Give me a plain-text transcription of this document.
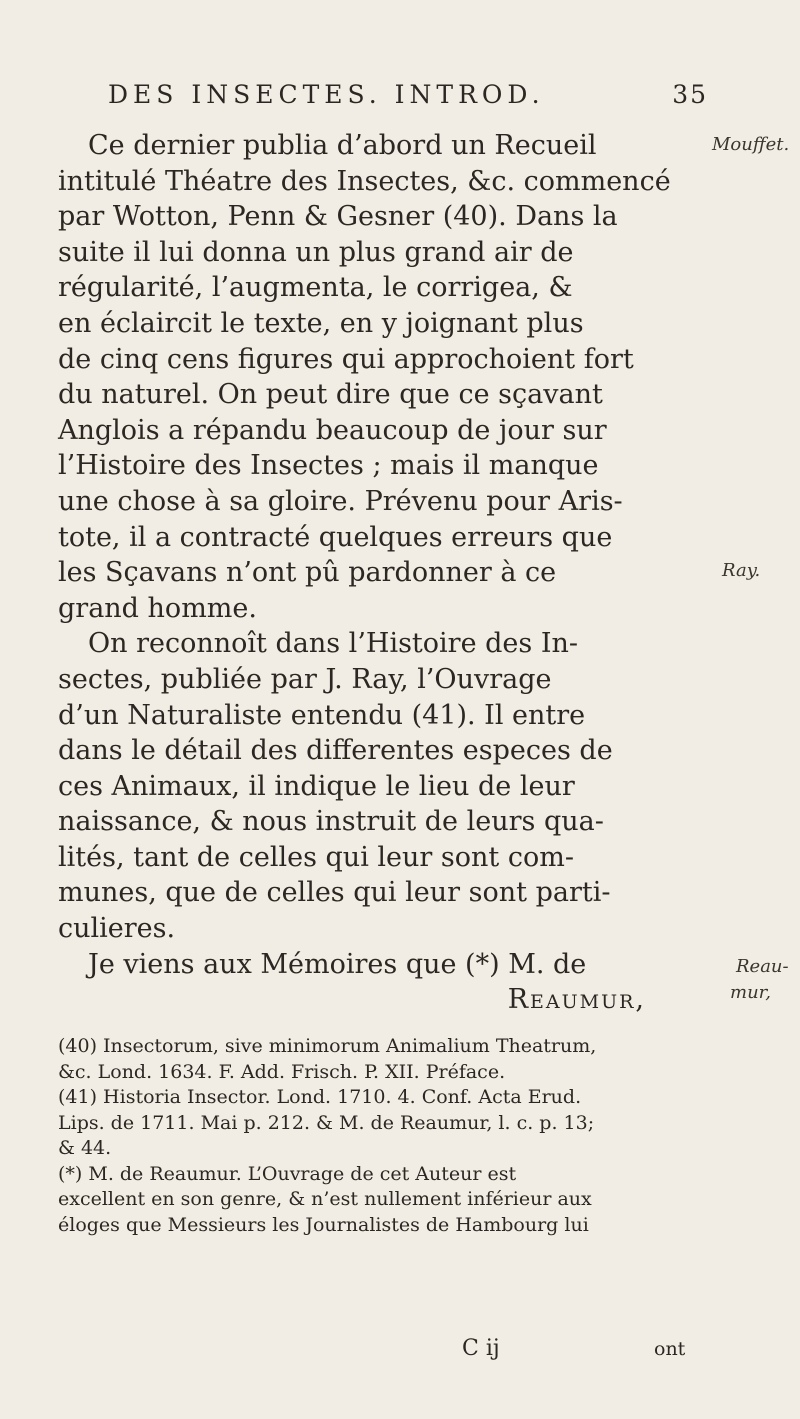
DES INSECTES. INTROD.	35
Mouffet.
Ray.
Reau-
mur,
Ce dernier publia d’abord un Recueil
intitulé Théatre des Insectes, &c. commencé
par Wotton, Penn & Gesner (40). Dans la
suite il lui donna un plus grand air de
régularité, l’augmenta, le corrigea, &
en éclaircit le texte, en y joignant plus
de cinq cens figures qui approchoient fort
du naturel. On peut dire que ce sçavant
Anglois a répandu beaucoup de jour sur
l’Histoire des Insectes ; mais il manque
une chose à sa gloire. Prévenu pour Aris-
tote, il a contracté quelques erreurs que
les Sçavans n’ont pû pardonner à ce
grand homme.
On reconnoît dans l’Histoire des In-
sectes, publiée par J. Ray, l’Ouvrage
d’un Naturaliste entendu (41). Il entre
dans le détail des differentes especes de
ces Animaux, il indique le lieu de leur
naissance, & nous instruit de leurs qua-
lités, tant de celles qui leur sont com-
munes, que de celles qui leur sont parti-
culieres.
Je viens aux Mémoires que (*) M. de
Reaumur,
(40) Insectorum, sive minimorum Animalium Theatrum,
&c. Lond. 1634. F. Add. Frisch. P. XII. Préface.
(41) Historia Insector. Lond. 1710. 4. Conf. Acta Erud.
Lips. de 1711. Mai p. 212. & M. de Reaumur, l. c. p. 13;
& 44.
(*) M. de Reaumur. L’Ouvrage de cet Auteur est
excellent en son genre, & n’est nullement inférieur aux
éloges que Messieurs les Journalistes de Hambourg lui
C ij	ont
